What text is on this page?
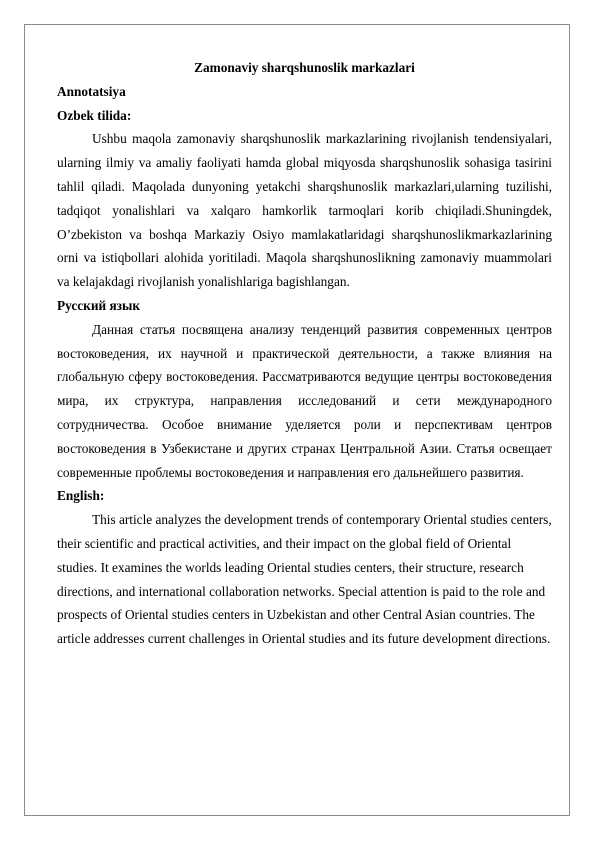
Zamonaviy sharqshunoslik markazlari

Annotatsiya

Ozbek tilida:

Ushbu maqola zamonaviy sharqshunoslik markazlarining rivojlanish tendensiyalari, ularning ilmiy va amaliy faoliyati hamda global miqyosda sharqshunoslik sohasiga tasirini tahlil qiladi. Maqolada dunyoning yetakchi sharqshunoslik markazlari,ularning tuzilishi, tadqiqot yonalishlari va xalqaro hamkorlik tarmoqlari korib chiqiladi.Shuningdek, O’zbekiston va boshqa Markaziy Osiyo mamlakatlaridagi sharqshunoslikmarkazlarining orni va istiqbollari alohida yoritiladi. Maqola sharqshunoslikning zamonaviy muammolari va kelajakdagi rivojlanish yonalishlariga bagishlangan.

Русский язык

Данная статья посвящена анализу тенденций развития современных центров востоковедения, их научной и практической деятельности, а также влияния на глобальную сферу востоковедения. Рассматриваются ведущие центры востоковедения мира, их структура, направления исследований и сети международного сотрудничества. Особое внимание уделяется роли и перспективам центров востоковедения в Узбекистане и других странах Центральной Азии. Статья освещает современные проблемы востоковедения и направления его дальнейшего развития.

English:

This article analyzes the development trends of contemporary Oriental studies centers, their scientific and practical activities, and their impact on the global field of Oriental studies. It examines the worlds leading Oriental studies centers, their structure, research directions, and international collaboration networks. Special attention is paid to the role and prospects of Oriental studies centers in Uzbekistan and other Central Asian countries. The article addresses current challenges in Oriental studies and its future development directions.
